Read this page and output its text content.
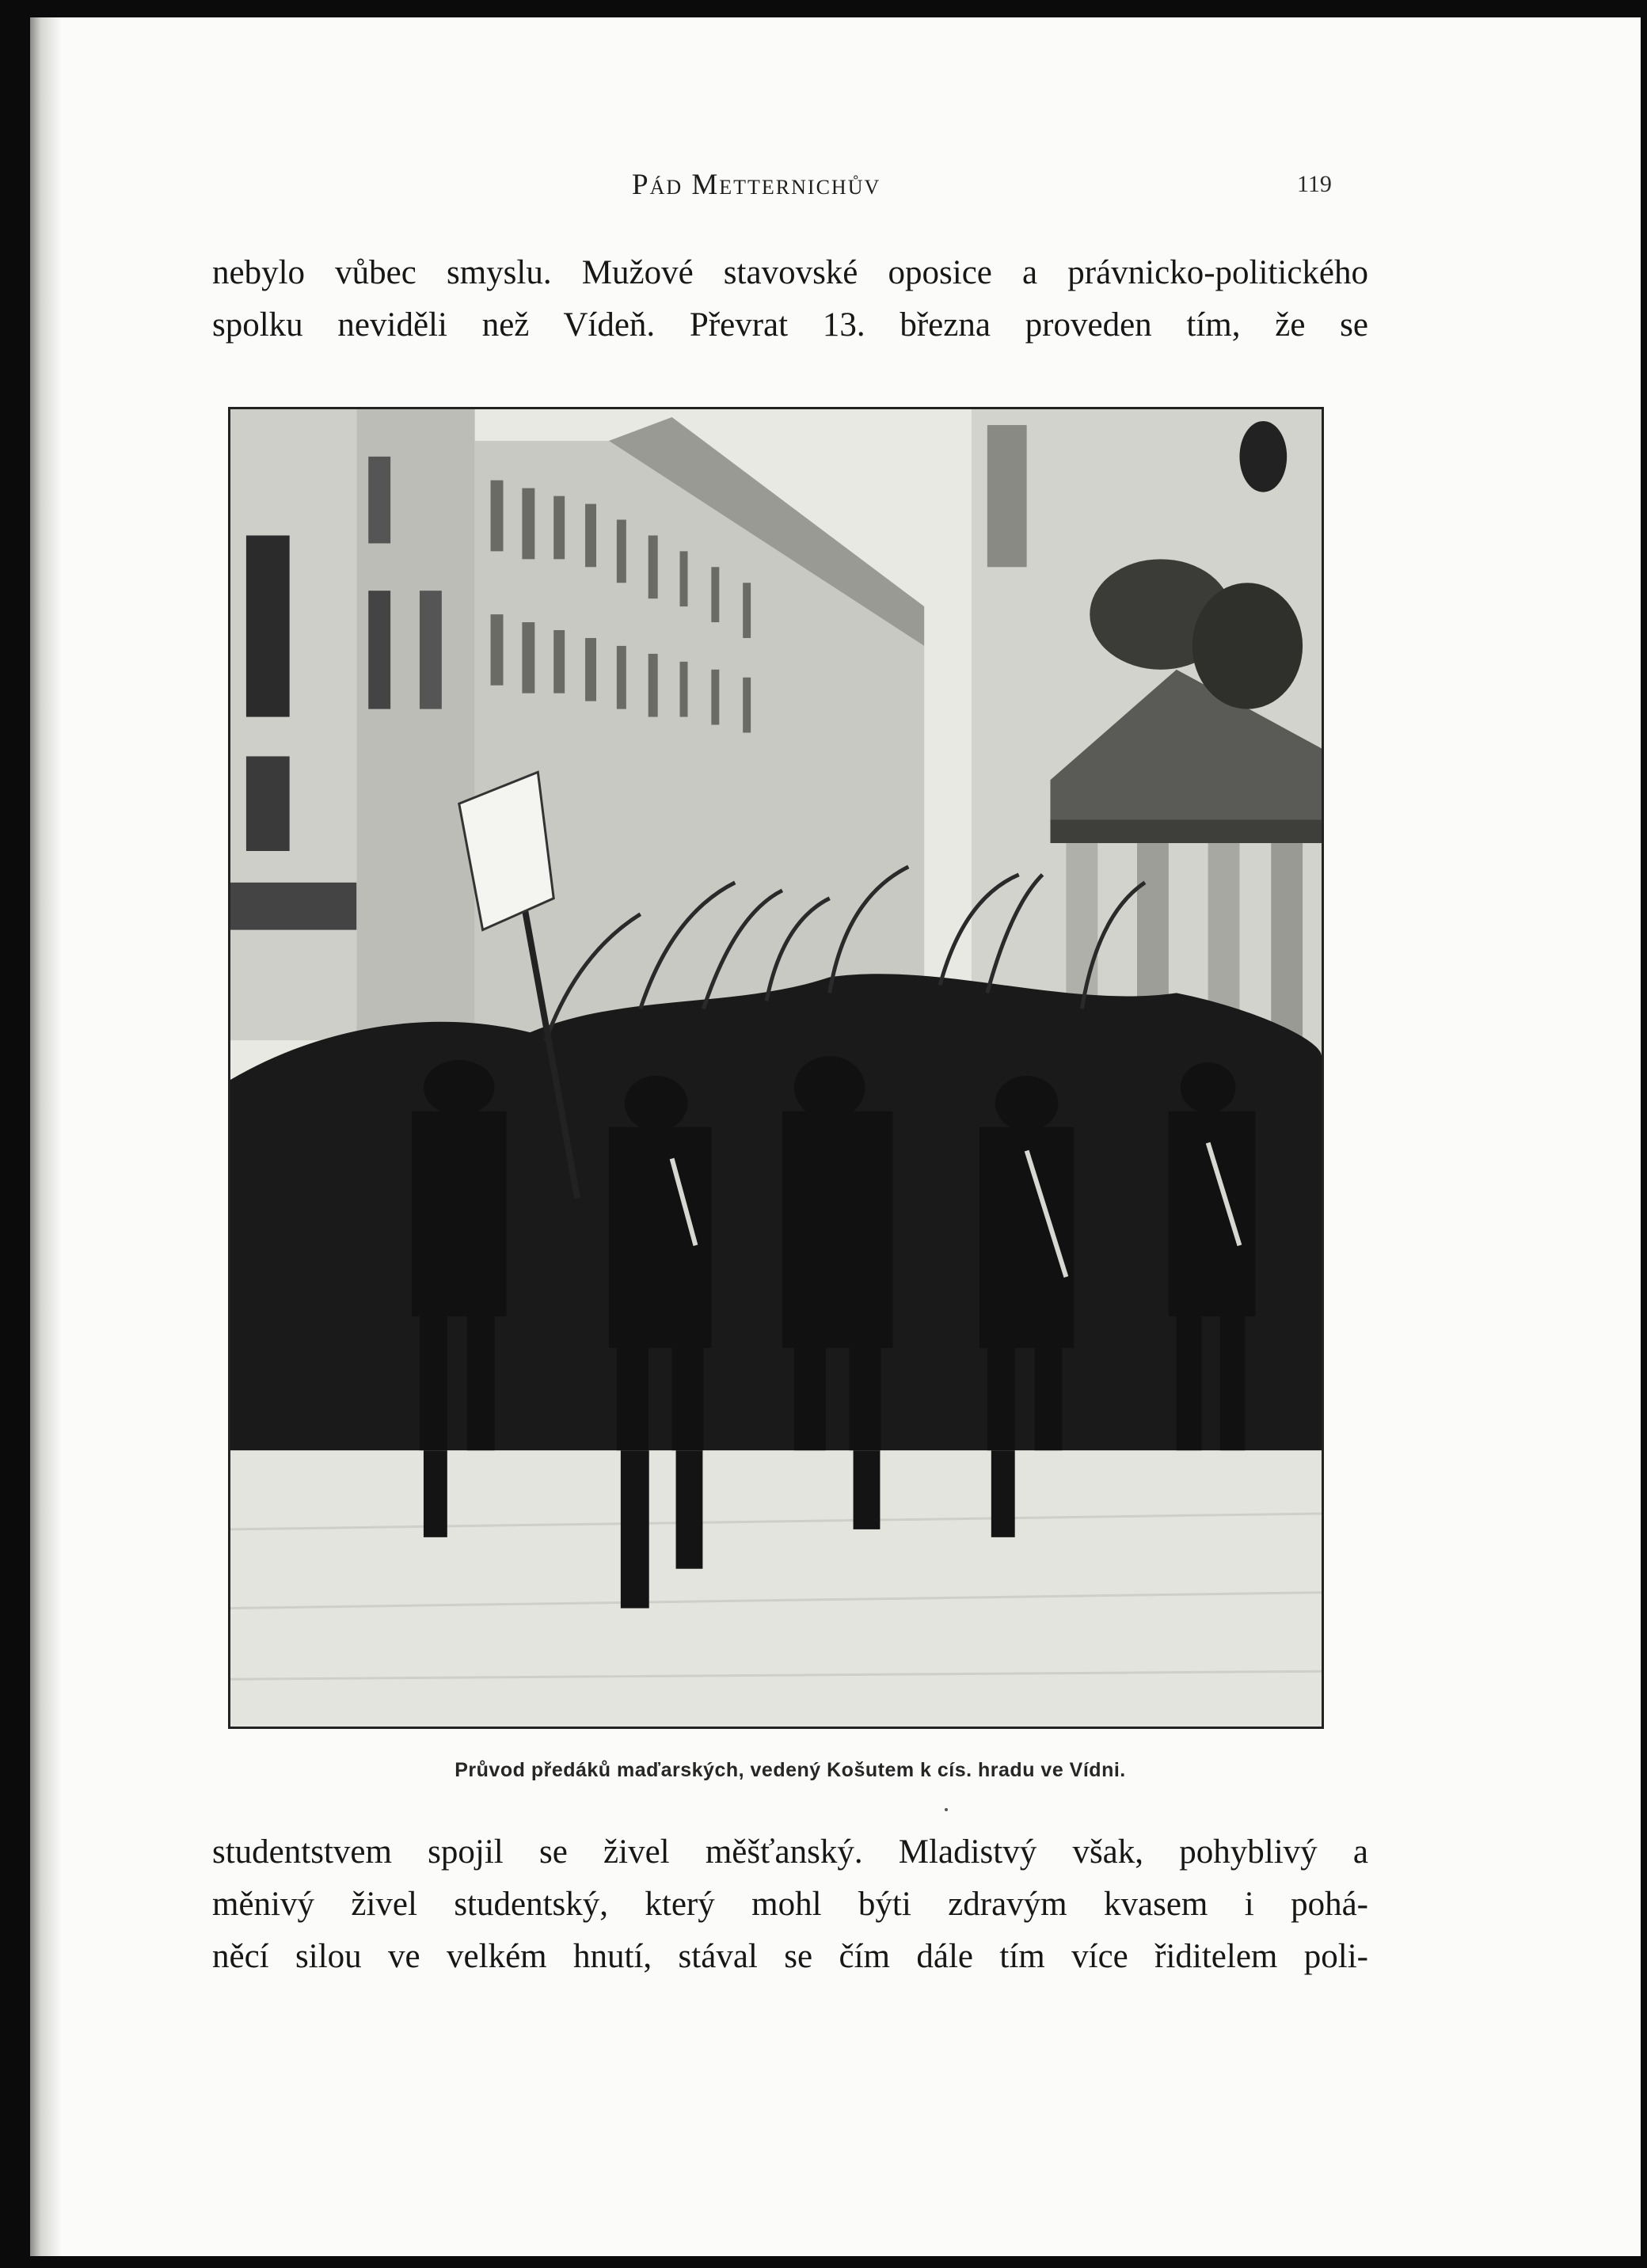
Pád Metternichův	119

nebylo vůbec smyslu. Mužové stavovské oposice a právnicko-politického

spolku neviděli než Vídeň. Převrat 13. března proveden tím, že se

Průvod předáků maďarských, vedený Košutem k cís. hradu ve Vídni.

studentstvem spojil se živel měšťanský. Mladistvý však, pohyblivý a

měnivý živel studentský, který mohl býti zdravým kvasem i pohá-

něcí silou ve velkém hnutí, stával se čím dále tím více řiditelem poli-
